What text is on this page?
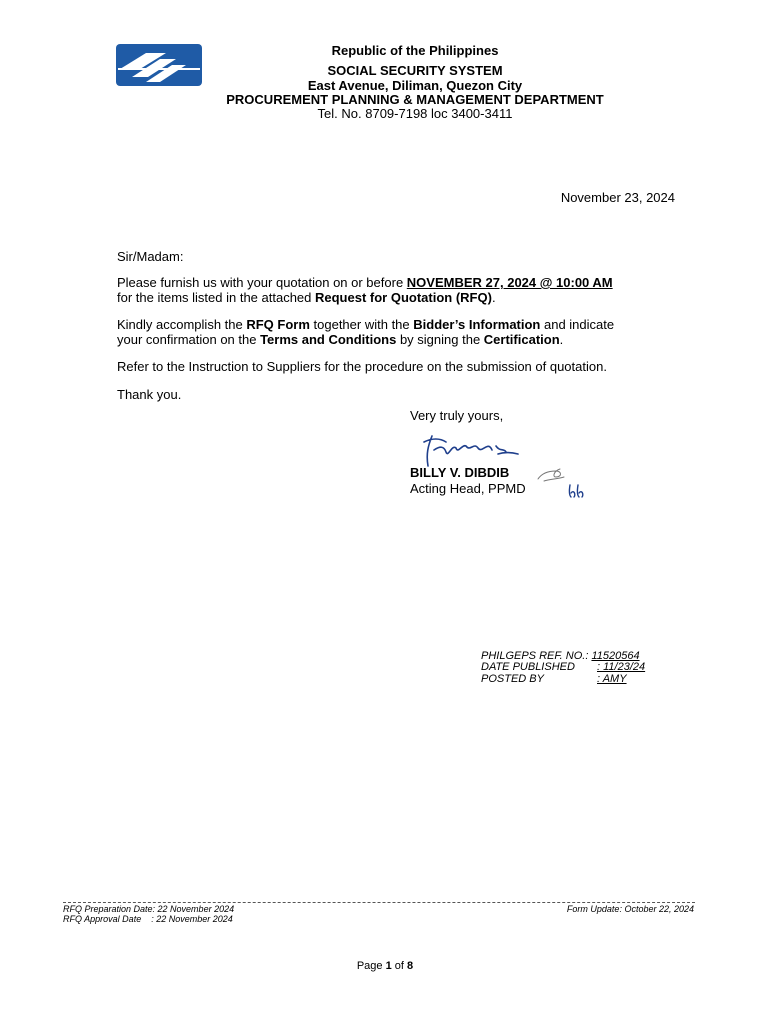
Republic of the Philippines
SOCIAL SECURITY SYSTEM
East Avenue, Diliman, Quezon City
PROCUREMENT PLANNING & MANAGEMENT DEPARTMENT
Tel. No. 8709-7198 loc 3400-3411
November 23, 2024
Sir/Madam:
Please furnish us with your quotation on or before NOVEMBER 27, 2024 @ 10:00 AM
for the items listed in the attached Request for Quotation (RFQ).
Kindly accomplish the RFQ Form together with the Bidder’s Information and indicate
your confirmation on the Terms and Conditions by signing the Certification.
Refer to the Instruction to Suppliers for the procedure on the submission of quotation.
Thank you.
Very truly yours,
BILLY V. DIBDIB
Acting Head, PPMD
PHILGEPS REF. NO.: 11520564
DATE PUBLISHED : 11/23/24
POSTED BY	: AMY
RFQ Preparation Date: 22 November 2024
RFQ Approval Date    : 22 November 2024
Form Update: October 22, 2024
Page 1 of 8
